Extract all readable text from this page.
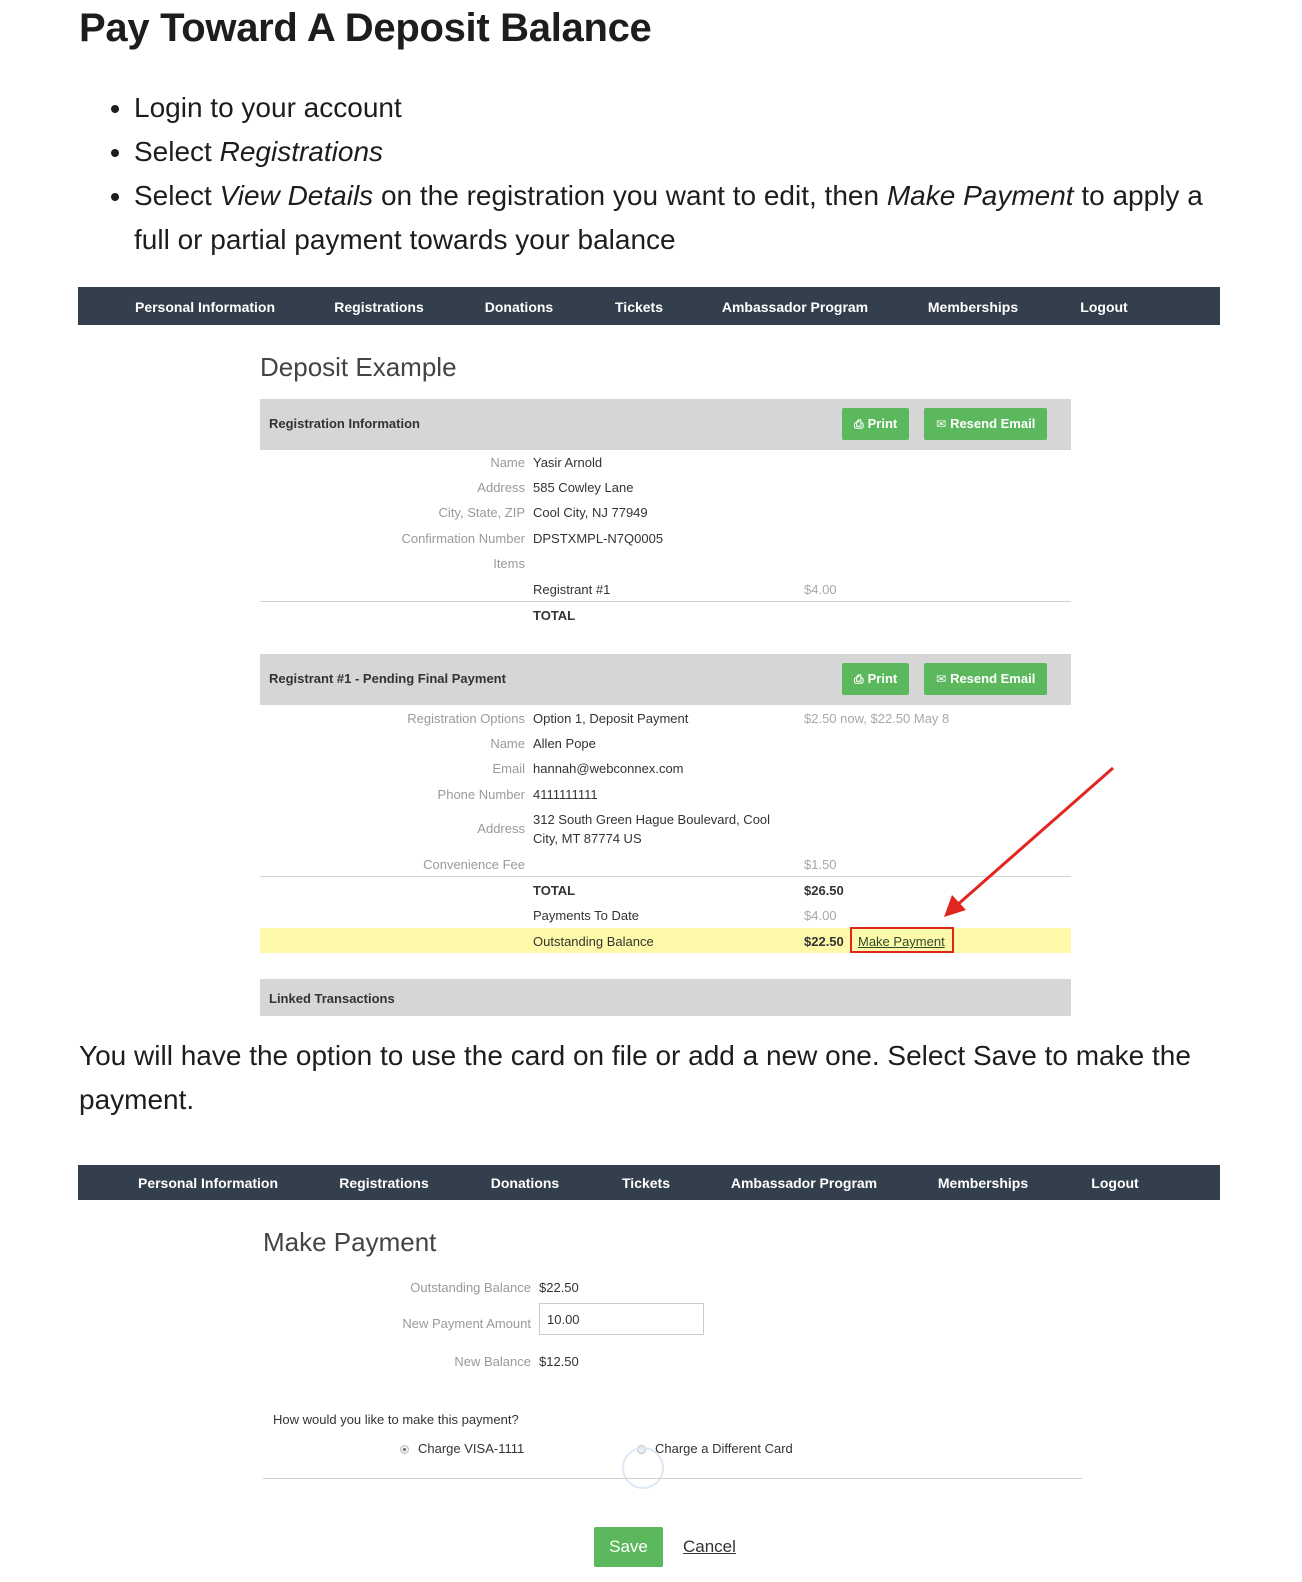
Pay Toward A Deposit Balance
• Login to your account
• Select Registrations
• Select View Details on the registration you want to edit, then Make Payment to apply a full or partial payment towards your balance
Personal Information	Registrations	Donations	Tickets	Ambassador Program	Memberships	Logout
Deposit Example
Registration Information	⎙ Print	✉ Resend Email
Name Yasir Arnold
Address 585 Cowley Lane
City, State, ZIP Cool City, NJ 77949
Confirmation Number DPSTXMPL-N7Q0005
Items
Registrant #1	$4.00
TOTAL
Registrant #1 - Pending Final Payment	⎙ Print	✉ Resend Email
Registration Options Option 1, Deposit Payment	$2.50 now, $22.50 May 8
Name Allen Pope
Email hannah@webconnex.com
Phone Number 4111111111
Address
312 South Green Hague Boulevard, Cool
City, MT 87774 US
Convenience Fee	$1.50
TOTAL	$26.50
Payments To Date	$4.00
Outstanding Balance	$22.50 Make Payment
Linked Transactions

You will have the option to use the card on file or add a new one. Select Save to make the payment.

Personal Information	Registrations	Donations	Tickets	Ambassador Program	Memberships	Logout
Make Payment
Outstanding Balance $22.50
New Payment Amount	10.00
New Balance $12.50
How would you like to make this payment?
Charge VISA-1111	Charge a Different Card
Save	Cancel
